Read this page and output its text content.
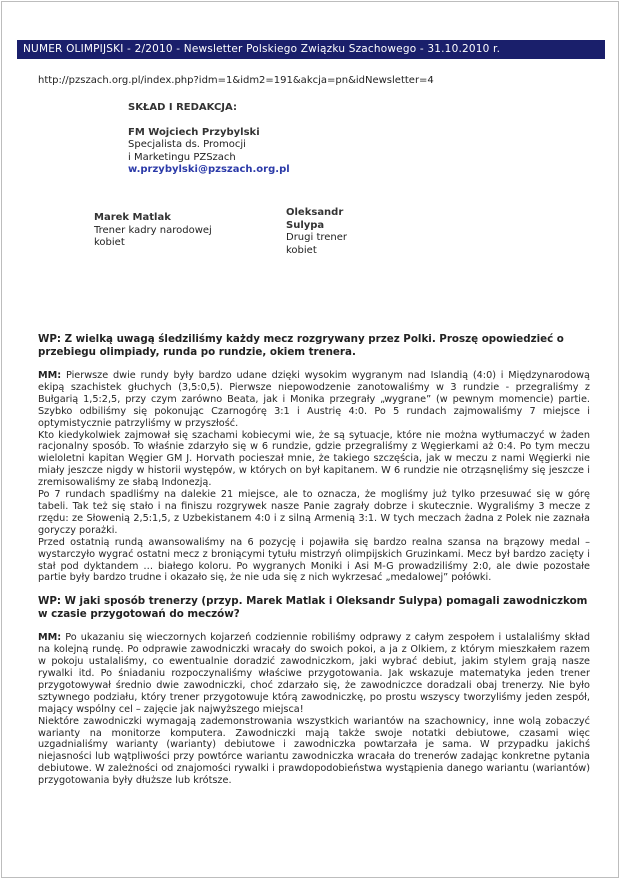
NUMER OLIMPIJSKI - 2/2010 - Newsletter Polskiego Związku Szachowego - 31.10.2010 r.
http://pzszach.org.pl/index.php?idm=1&idm2=191&akcja=pn&idNewsletter=4
SKŁAD I REDAKCJA:
FM Wojciech Przybylski
Specjalista ds. Promocji
i Marketingu PZSzach
w.przybylski@pzszach.org.pl
Marek Matlak
Trener kadry narodowej
kobiet
Oleksandr
Sulypa
Drugi trener
kobiet

WP: Z wielką uwagą śledziliśmy każdy mecz rozgrywany przez Polki. Proszę opowiedzieć o przebiegu olimpiady, runda po rundzie, okiem trenera.

MM: Pierwsze dwie rundy były bardzo udane dzięki wysokim wygranym nad Islandią (4:0) i Międzynarodową ekipą szachistek głuchych (3,5:0,5). Pierwsze niepowodzenie zanotowaliśmy w 3 rundzie - przegraliśmy z Bułgarią 1,5:2,5, przy czym zarówno Beata, jak i Monika przegrały „wygrane” (w pewnym momencie) partie. Szybko odbiliśmy się pokonując Czarnogórę 3:1 i Austrię 4:0. Po 5 rundach zajmowaliśmy 7 miejsce i optymistycznie patrzyliśmy w przyszłość.

Kto kiedykolwiek zajmował się szachami kobiecymi wie, że są sytuacje, które nie można wytłumaczyć w żaden racjonalny sposób. To właśnie zdarzyło się w 6 rundzie, gdzie przegraliśmy z Węgierkami aż 0:4. Po tym meczu wieloletni kapitan Węgier GM J. Horvath pocieszał mnie, że takiego szczęścia, jak w meczu z nami Węgierki nie miały jeszcze nigdy w historii występów, w których on był kapitanem. W 6 rundzie nie otrząsnęliśmy się jeszcze i zremisowaliśmy ze słabą Indonezją.

Po 7 rundach spadliśmy na dalekie 21 miejsce, ale to oznacza, że mogliśmy już tylko przesuwać się w górę tabeli. Tak też się stało i na finiszu rozgrywek nasze Panie zagrały dobrze i skutecznie. Wygraliśmy 3 mecze z rzędu: ze Słowenią 2,5:1,5, z Uzbekistanem 4:0 i z silną Armenią 3:1. W tych meczach żadna z Polek nie zaznała goryczy porażki.

Przed ostatnią rundą awansowaliśmy na 6 pozycję i pojawiła się bardzo realna szansa na brązowy medal – wystarczyło wygrać ostatni mecz z broniącymi tytułu mistrzyń olimpijskich Gruzinkami. Mecz był bardzo zacięty i stał pod dyktandem … białego koloru. Po wygranych Moniki i Asi M-G prowadziliśmy 2:0, ale dwie pozostałe partie były bardzo trudne i okazało się, że nie uda się z nich wykrzesać „medalowej” połówki.

WP: W jaki sposób trenerzy (przyp. Marek Matlak i Oleksandr Sulypa) pomagali zawodniczkom w czasie przygotowań do meczów?

MM: Po ukazaniu się wieczornych kojarzeń codziennie robiliśmy odprawy z całym zespołem i ustalaliśmy skład na kolejną rundę. Po odprawie zawodniczki wracały do swoich pokoi, a ja z Olkiem, z którym mieszkałem razem w pokoju ustalaliśmy, co ewentualnie doradzić zawodniczkom, jaki wybrać debiut, jakim stylem grają nasze rywalki itd. Po śniadaniu rozpoczynaliśmy właściwe przygotowania. Jak wskazuje matematyka jeden trener przygotowywał średnio dwie zawodniczki, choć zdarzało się, że zawodniczce doradzali obaj trenerzy. Nie było sztywnego podziału, który trener przygotowuje którą zawodniczkę, po prostu wszyscy tworzyliśmy jeden zespół, mający wspólny cel – zajęcie jak najwyższego miejsca!

Niektóre zawodniczki wymagają zademonstrowania wszystkich wariantów na szachownicy, inne wolą zobaczyć warianty na monitorze komputera. Zawodniczki mają także swoje notatki debiutowe, czasami więc uzgadnialiśmy warianty (warianty) debiutowe i zawodniczka powtarzała je sama. W przypadku jakichś niejasności lub wątpliwości przy powtórce wariantu zawodniczka wracała do trenerów zadając konkretne pytania debiutowe. W zależności od znajomości rywalki i prawdopodobieństwa wystąpienia danego wariantu (wariantów) przygotowania były dłuższe lub krótsze.
